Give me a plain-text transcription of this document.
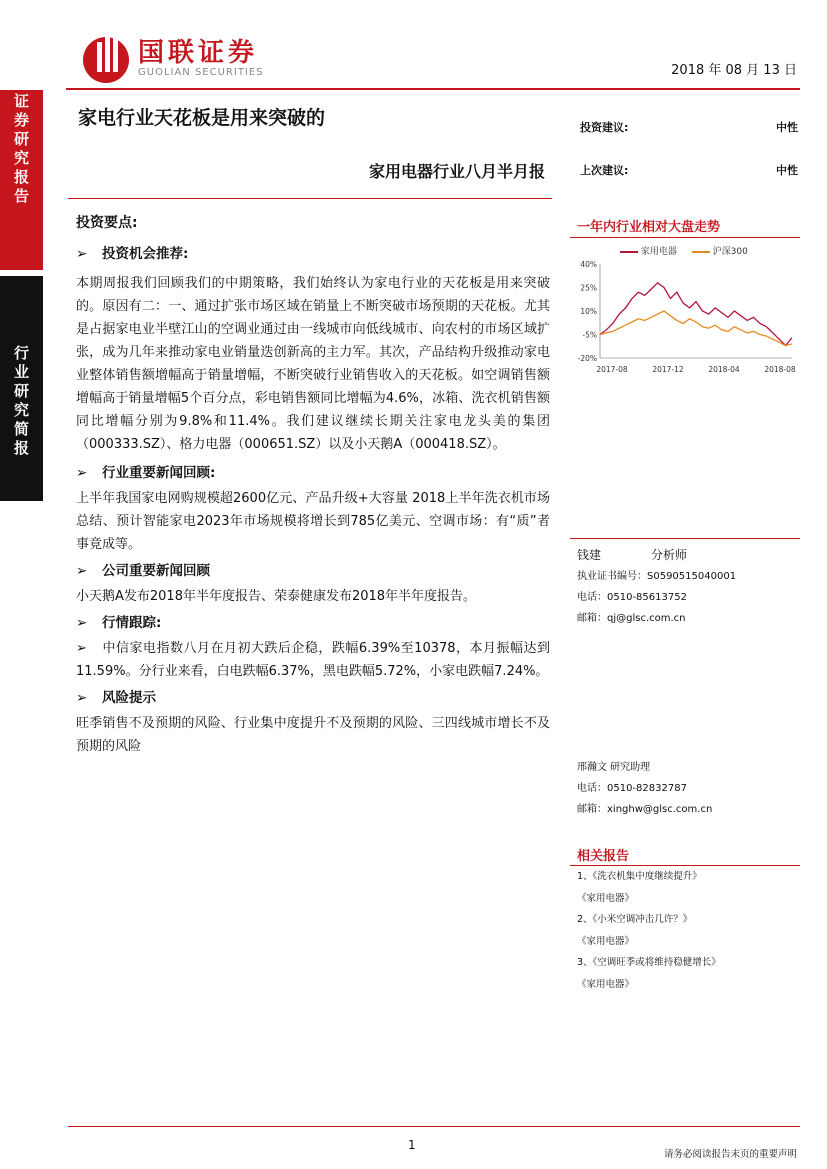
证
券
研
究
报
告
行
业
研
究
简
报
国联证券
GUOLIAN SECURITIES	2018 年 08 月 13 日
家电行业天花板是用来突破的
家用电器行业八月半月报
投资建议:	中性
上次建议:	中性
投资要点:
➢ 投资机会推荐:

本期周报我们回顾我们的中期策略，我们始终认为家电行业的天花板是用来突破的。原因有二：一、通过扩张市场区域在销量上不断突破市场预期的天花板。尤其是占据家电业半壁江山的空调业通过由一线城市向低线城市、向农村的市场区域扩张，成为几年来推动家电业销量迭创新高的主力军。其次，产品结构升级推动家电业整体销售额增幅高于销量增幅，不断突破行业销售收入的天花板。如空调销售额增幅高于销量增幅5个百分点，彩电销售额同比增幅为4.6%，冰箱、洗衣机销售额同比增幅分别为9.8%和11.4%。我们建议继续长期关注家电龙头美的集团（000333.SZ）、格力电器（000651.SZ）以及小天鹅A（000418.SZ）。

➢ 行业重要新闻回顾:

上半年我国家电网购规模超2600亿元、产品升级+大容量 2018上半年洗衣机市场总结、预计智能家电2023年市场规模将增长到785亿美元、空调市场：有“质”者事竟成等。

➢ 公司重要新闻回顾

小天鹅A发布2018年半年度报告、荣泰健康发布2018年半年度报告。

➢ 行情跟踪:

➢ 中信家电指数八月在月初大跌后企稳，跌幅6.39%至10378，本月振幅达到11.59%。分行业来看，白电跌幅6.37%，黑电跌幅5.72%，小家电跌幅7.24%。

➢ 风险提示

旺季销售不及预期的风险、行业集中度提升不及预期的风险、三四线城市增长不及预期的风险

一年内行业相对大盘走势
家用电器	沪深300
40%
25%
10%
-5%
-20%
2017-08	2017-12	2018-04	2018-08
钱建	分析师
执业证书编号：S0590515040001
电话：0510-85613752
邮箱：qj@glsc.com.cn
邢瀚文 研究助理
电话：0510-82832787
邮箱：xinghw@glsc.com.cn
相关报告
1、《洗衣机集中度继续提升》
《家用电器》
2、《小米空调冲击几许？》
《家用电器》
3、《空调旺季或将维持稳健增长》
《家用电器》
1
请务必阅读报告末页的重要声明
